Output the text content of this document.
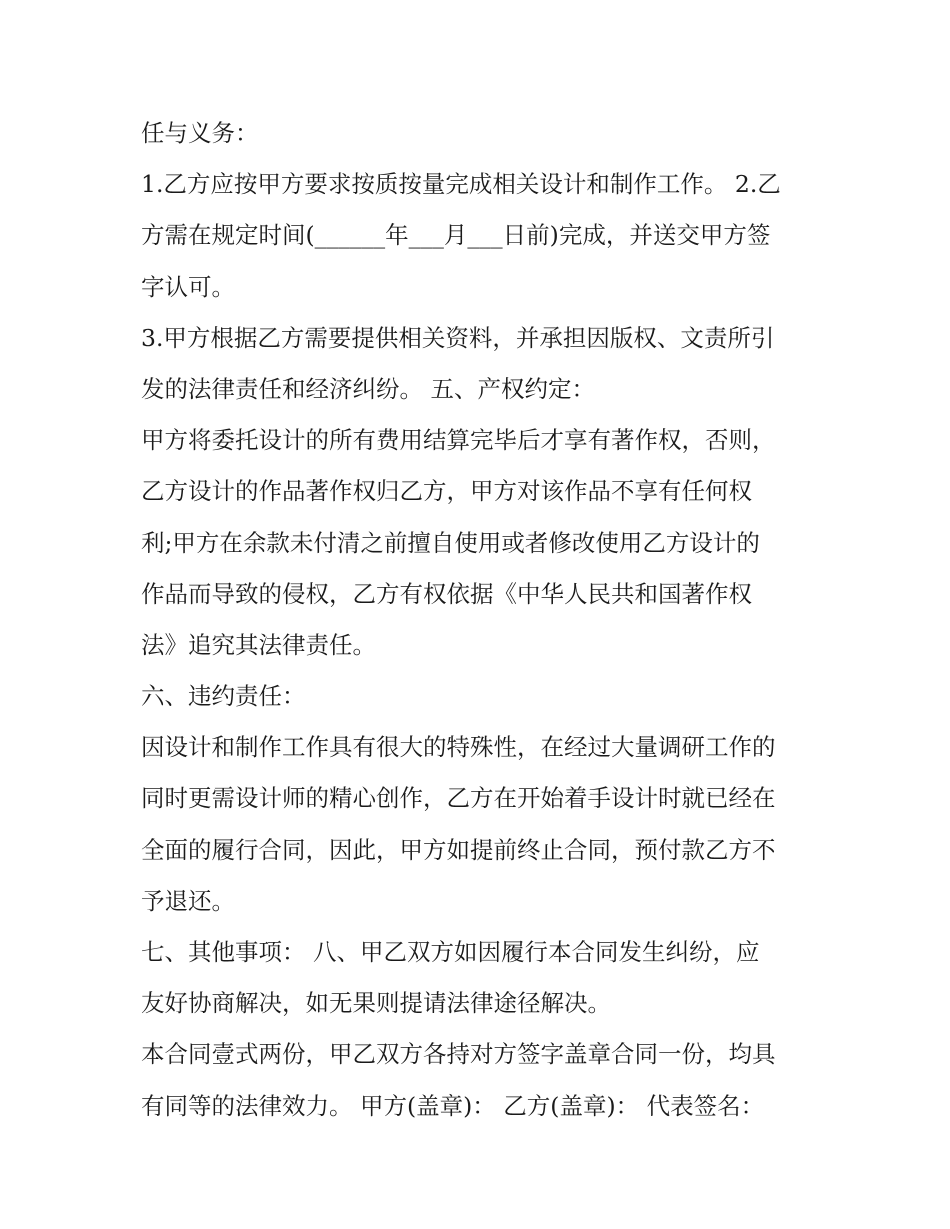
任与义务：
1.乙方应按甲方要求按质按量完成相关设计和制作工作。 2.乙
方需在规定时间(______年___月___日前)完成，并送交甲方签
字认可。
3.甲方根据乙方需要提供相关资料，并承担因版权、文责所引
发的法律责任和经济纠纷。 五、产权约定：
甲方将委托设计的所有费用结算完毕后才享有著作权，否则，
乙方设计的作品著作权归乙方，甲方对该作品不享有任何权
利;甲方在余款未付清之前擅自使用或者修改使用乙方设计的
作品而导致的侵权，乙方有权依据《中华人民共和国著作权
法》追究其法律责任。
六、违约责任：
因设计和制作工作具有很大的特殊性，在经过大量调研工作的
同时更需设计师的精心创作，乙方在开始着手设计时就已经在
全面的履行合同，因此，甲方如提前终止合同，预付款乙方不
予退还。
七、其他事项： 八、甲乙双方如因履行本合同发生纠纷，应
友好协商解决，如无果则提请法律途径解决。
本合同壹式两份，甲乙双方各持对方签字盖章合同一份，均具
有同等的法律效力。 甲方(盖章)： 乙方(盖章)： 代表签名：
